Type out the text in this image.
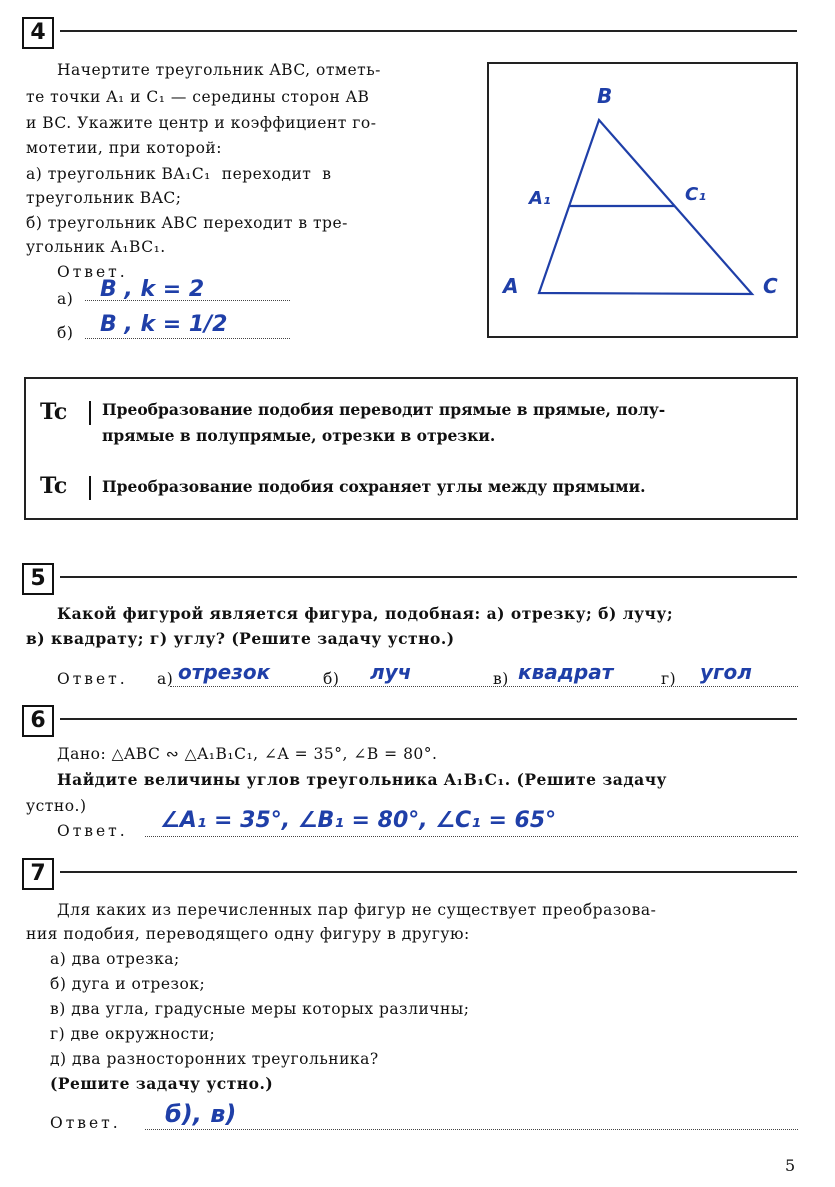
4
Начертите треугольник ABC, отметь-
те точки A₁ и C₁ — середины сторон AB
и BC. Укажите центр и коэффициент го-
мотетии, при которой:
а) треугольник BA₁C₁  переходит  в
треугольник BAC;
б) треугольник ABC переходит в тре-
угольник A₁BC₁.
Ответ.
а) B , k = 2
б) B , k = 1/2
B
A₁	C₁
A	C
Tc Преобразование подобия переводит прямые в прямые, полу-
прямые в полупрямые, отрезки в отрезки.
Tc Преобразование подобия сохраняет углы между прямыми.
5
Какой фигурой является фигура, подобная: а) отрезку; б) лучу;
в) квадрату; г) углу? (Решите задачу устно.)
Ответ. а) отрезок	б) луч	в) квадрат	г) угол
6
Дано: △ABC ∾ △A₁B₁C₁, ∠A = 35°, ∠B = 80°.
Найдите величины углов треугольника A₁B₁C₁. (Решите задачу
устно.)
Ответ. ∠A₁ = 35°, ∠B₁ = 80°, ∠C₁ = 65°
7
Для каких из перечисленных пар фигур не существует преобразова-
ния подобия, переводящего одну фигуру в другую:
а) два отрезка;
б) дуга и отрезок;
в) два угла, градусные меры которых различны;
г) две окружности;
д) два разносторонних треугольника?
(Решите задачу устно.)
Ответ. б), в)
5
